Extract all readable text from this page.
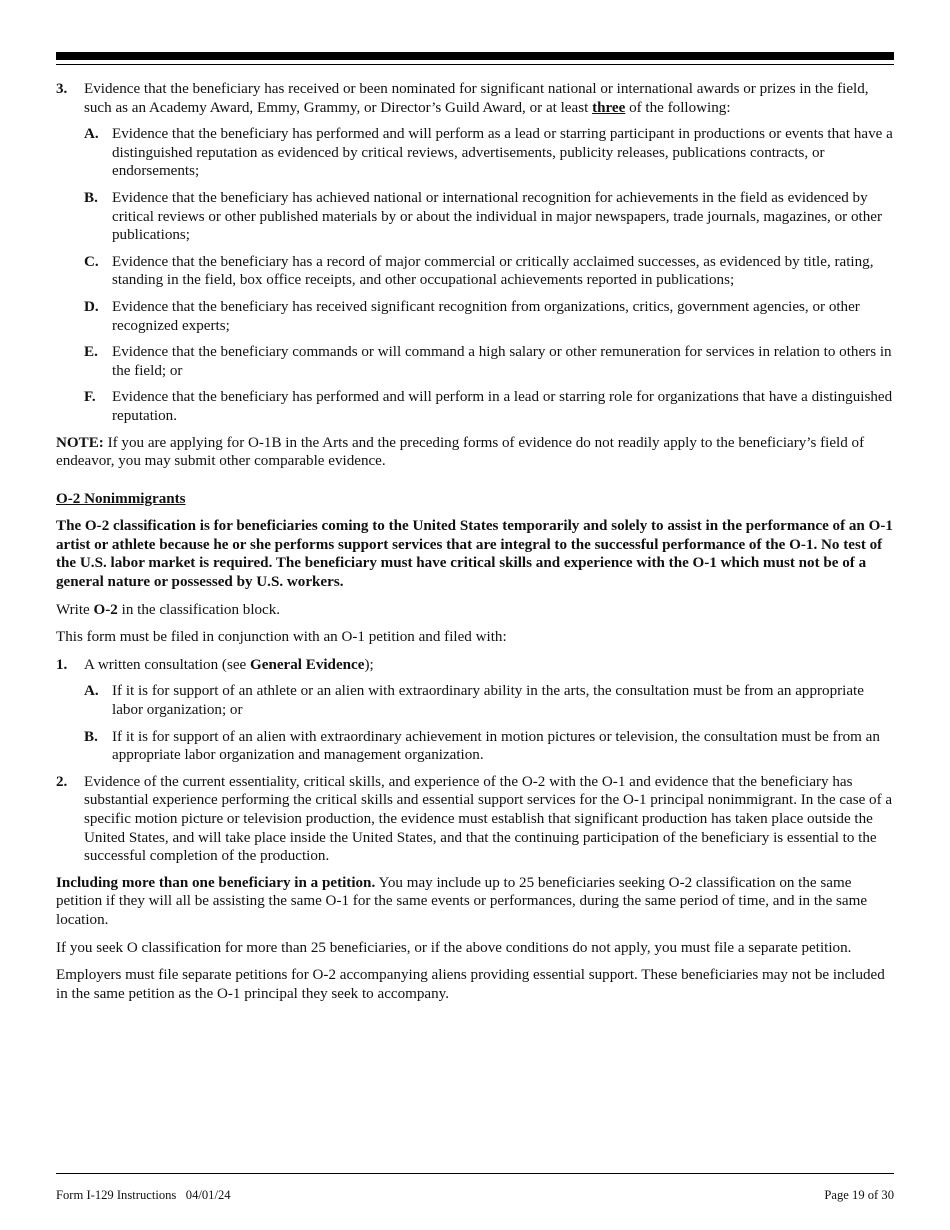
3. Evidence that the beneficiary has received or been nominated for significant national or international awards or prizes in the field, such as an Academy Award, Emmy, Grammy, or Director’s Guild Award, or at least three of the following:

A. Evidence that the beneficiary has performed and will perform as a lead or starring participant in productions or events that have a distinguished reputation as evidenced by critical reviews, advertisements, publicity releases, publications contracts, or endorsements;

B. Evidence that the beneficiary has achieved national or international recognition for achievements in the field as evidenced by critical reviews or other published materials by or about the individual in major newspapers, trade journals, magazines, or other publications;

C. Evidence that the beneficiary has a record of major commercial or critically acclaimed successes, as evidenced by title, rating, standing in the field, box office receipts, and other occupational achievements reported in publications;

D. Evidence that the beneficiary has received significant recognition from organizations, critics, government agencies, or other recognized experts;

E. Evidence that the beneficiary commands or will command a high salary or other remuneration for services in relation to others in the field; or

F. Evidence that the beneficiary has performed and will perform in a lead or starring role for organizations that have a distinguished reputation.

NOTE: If you are applying for O-1B in the Arts and the preceding forms of evidence do not readily apply to the beneficiary’s field of endeavor, you may submit other comparable evidence.

O-2 Nonimmigrants

The O-2 classification is for beneficiaries coming to the United States temporarily and solely to assist in the performance of an O-1 artist or athlete because he or she performs support services that are integral to the successful performance of the O-1. No test of the U.S. labor market is required. The beneficiary must have critical skills and experience with the O-1 which must not be of a general nature or possessed by U.S. workers.

Write O-2 in the classification block.

This form must be filed in conjunction with an O-1 petition and filed with:

1. A written consultation (see General Evidence);

A. If it is for support of an athlete or an alien with extraordinary ability in the arts, the consultation must be from an appropriate labor organization; or

B. If it is for support of an alien with extraordinary achievement in motion pictures or television, the consultation must be from an appropriate labor organization and management organization.

2. Evidence of the current essentiality, critical skills, and experience of the O-2 with the O-1 and evidence that the beneficiary has substantial experience performing the critical skills and essential support services for the O-1 principal nonimmigrant. In the case of a specific motion picture or television production, the evidence must establish that significant production has taken place outside the United States, and will take place inside the United States, and that the continuing participation of the beneficiary is essential to the successful completion of the production.

Including more than one beneficiary in a petition. You may include up to 25 beneficiaries seeking O-2 classification on the same petition if they will all be assisting the same O-1 for the same events or performances, during the same period of time, and in the same location.

If you seek O classification for more than 25 beneficiaries, or if the above conditions do not apply, you must file a separate petition.

Employers must file separate petitions for O-2 accompanying aliens providing essential support. These beneficiaries may not be included in the same petition as the O-1 principal they seek to accompany.

Form I-129 Instructions   04/01/24	Page 19 of 30
